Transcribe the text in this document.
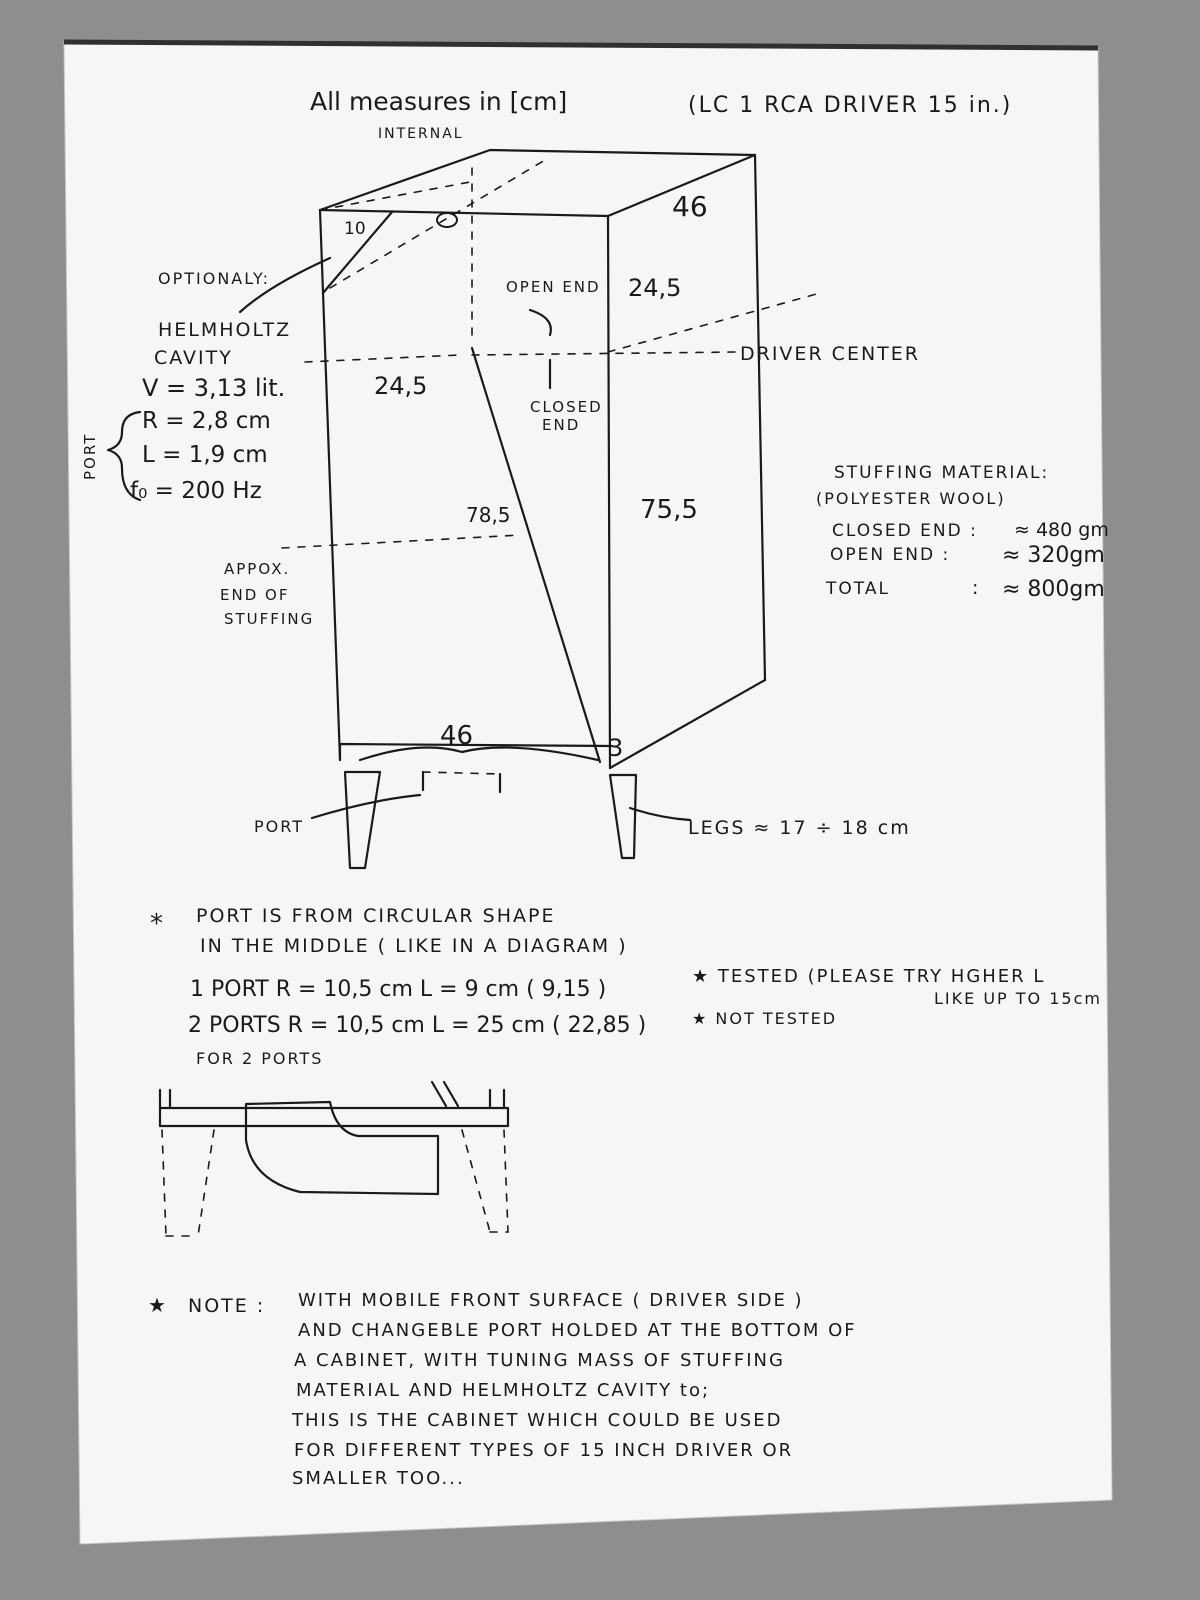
All measures in [cm]
INTERNAL
(LC 1 RCA DRIVER 15 in.)
46
10
OPEN END 24,5
24,5
CLOSED
END
78,5	75,5
46	3
DRIVER CENTER
OPTIONALY:
HELMHOLTZ
CAVITY
V = 3,13 lit.
PORT
R = 2,8 cm
L = 1,9 cm
f₀ = 200 Hz
APPOX.
END OF
STUFFING
PORT	LEGS ≈ 17 ÷ 18 cm
STUFFING MATERIAL:
(POLYESTER WOOL)
CLOSED END : ≈ 480 gm
OPEN END : ≈ 320gm
TOTAL	: ≈ 800gm
* PORT IS FROM CIRCULAR SHAPE
IN THE MIDDLE ( LIKE IN A DIAGRAM )
1 PORT R = 10,5 cm L = 9 cm ( 9,15 )
★ TESTED (PLEASE TRY HGHER L
LIKE UP TO 15cm
2 PORTS R = 10,5 cm L = 25 cm ( 22,85 )	★ NOT TESTED
FOR 2 PORTS
★ NOTE : WITH MOBILE FRONT SURFACE ( DRIVER SIDE )
AND CHANGEBLE PORT HOLDED AT THE BOTTOM OF
A CABINET, WITH TUNING MASS OF STUFFING
MATERIAL AND HELMHOLTZ CAVITY to;
THIS IS THE CABINET WHICH COULD BE USED
FOR DIFFERENT TYPES OF 15 INCH DRIVER OR
SMALLER TOO...
